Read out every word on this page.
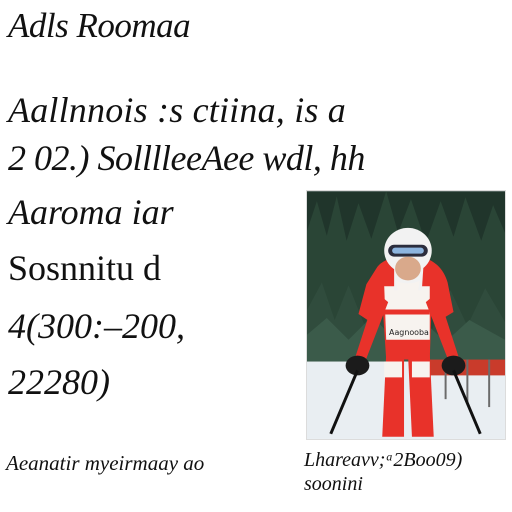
Adls Roomaa
Aallnnois :s ctiina, is a
2 02.) SolllleeAee wdl, hh
Aaroma iar
Sosnnitu d
4(300:–200,
22280)
Aagnooba
Aeanatir myeirmaay ao	Lhareavv;ᵃ2Boo09)
soonini
